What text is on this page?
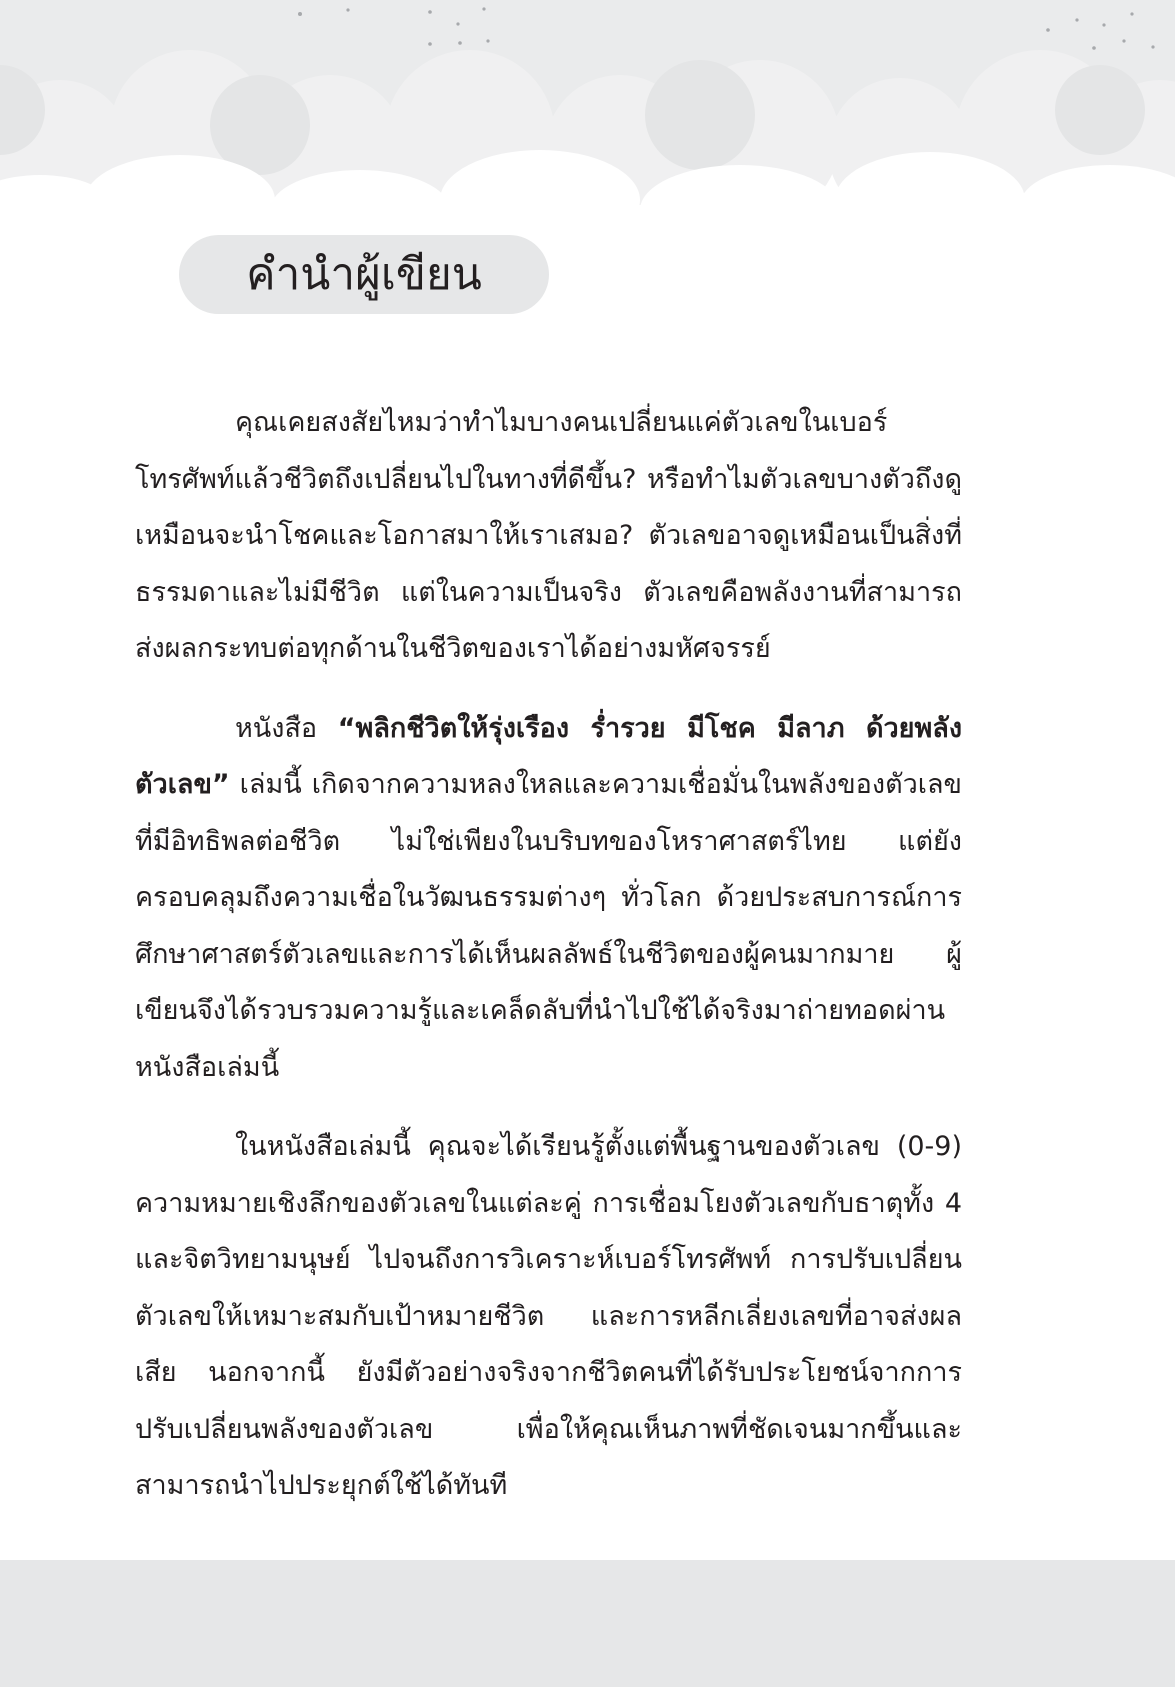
คำนำผู้เขียน

คุณเคยสงสัยไหมว่าทำไมบางคนเปลี่ยนแค่ตัวเลขในเบอร์โทรศัพท์แล้วชีวิตถึงเปลี่ยนไปในทางที่ดีขึ้น? หรือทำไมตัวเลขบางตัวถึงดูเหมือนจะนำโชคและโอกาสมาให้เราเสมอ? ตัวเลขอาจดูเหมือนเป็นสิ่งที่ธรรมดาและไม่มีชีวิต แต่ในความเป็นจริง ตัวเลขคือพลังงานที่สามารถส่งผลกระทบต่อทุกด้านในชีวิตของเราได้อย่างมหัศจรรย์

หนังสือ “พลิกชีวิตให้รุ่งเรือง ร่ำรวย มีโชค มีลาภ ด้วยพลังตัวเลข” เล่มนี้ เกิดจากความหลงใหลและความเชื่อมั่นในพลังของตัวเลขที่มีอิทธิพลต่อชีวิต ไม่ใช่เพียงในบริบทของโหราศาสตร์ไทย แต่ยังครอบคลุมถึงความเชื่อในวัฒนธรรมต่างๆ ทั่วโลก ด้วยประสบการณ์การศึกษาศาสตร์ตัวเลขและการได้เห็นผลลัพธ์ในชีวิตของผู้คนมากมาย ผู้เขียนจึงได้รวบรวมความรู้และเคล็ดลับที่นำไปใช้ได้จริงมาถ่ายทอดผ่านหนังสือเล่มนี้

ในหนังสือเล่มนี้ คุณจะได้เรียนรู้ตั้งแต่พื้นฐานของตัวเลข (0-9) ความหมายเชิงลึกของตัวเลขในแต่ละคู่ การเชื่อมโยงตัวเลขกับธาตุทั้ง 4 และจิตวิทยามนุษย์ ไปจนถึงการวิเคราะห์เบอร์โทรศัพท์ การปรับเปลี่ยนตัวเลขให้เหมาะสมกับเป้าหมายชีวิต และการหลีกเลี่ยงเลขที่อาจส่งผลเสีย นอกจากนี้ ยังมีตัวอย่างจริงจากชีวิตคนที่ได้รับประโยชน์จากการปรับเปลี่ยนพลังของตัวเลข เพื่อให้คุณเห็นภาพที่ชัดเจนมากขึ้นและสามารถนำไปประยุกต์ใช้ได้ทันที
